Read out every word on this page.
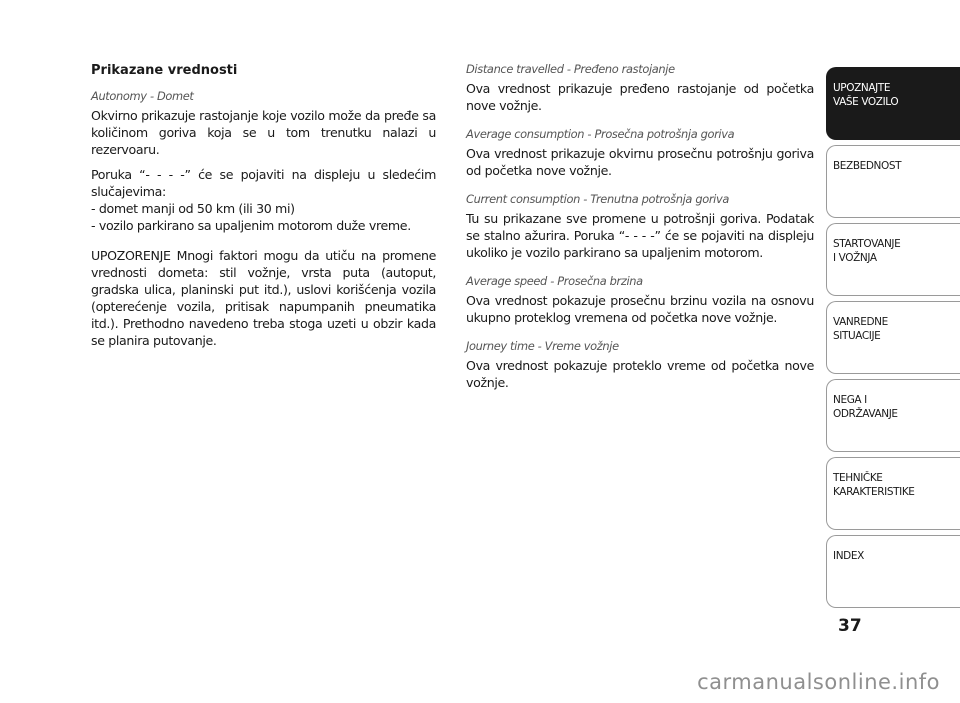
Prikazane vrednosti
Autonomy - Domet
Okvirno prikazuje rastojanje koje vozilo može da pređe sa količinom goriva koja se u tom trenutku nalazi u rezervoaru.
Poruka “- - - -” će se pojaviti na displeju u sledećim slučajevima:
- domet manji od 50 km (ili 30 mi)
- vozilo parkirano sa upaljenim motorom duže vreme.
UPOZORENJE Mnogi faktori mogu da utiču na promene vrednosti dometa: stil vožnje, vrsta puta (autoput, gradska ulica, planinski put itd.), uslovi korišćenja vozila (opterećenje vozila, pritisak napumpanih pneumatika itd.). Prethodno navedeno treba stoga uzeti u obzir kada se planira putovanje.
Distance travelled - Pređeno rastojanje
Ova vrednost prikazuje pređeno rastojanje od početka nove vožnje.
Average consumption - Prosečna potrošnja goriva
Ova vrednost prikazuje okvirnu prosečnu potrošnju goriva od početka nove vožnje.
Current consumption - Trenutna potrošnja goriva
Tu su prikazane sve promene u potrošnji goriva. Podatak se stalno ažurira. Poruka “- - - -” će se pojaviti na displeju ukoliko je vozilo parkirano sa upaljenim motorom.
Average speed - Prosečna brzina
Ova vrednost pokazuje prosečnu brzinu vozila na osnovu ukupno proteklog vremena od početka nove vožnje.
Journey time - Vreme vožnje
Ova vrednost pokazuje proteklo vreme od početka nove vožnje.
UPOZNAJTE
VAŠE VOZILO
BEZBEDNOST
STARTOVANJE
I VOŽNJA
VANREDNE
SITUACIJE
NEGA I
ODRŽAVANJE
TEHNIČKE
KARAKTERISTIKE
INDEX
37
carmanualsonline.info
